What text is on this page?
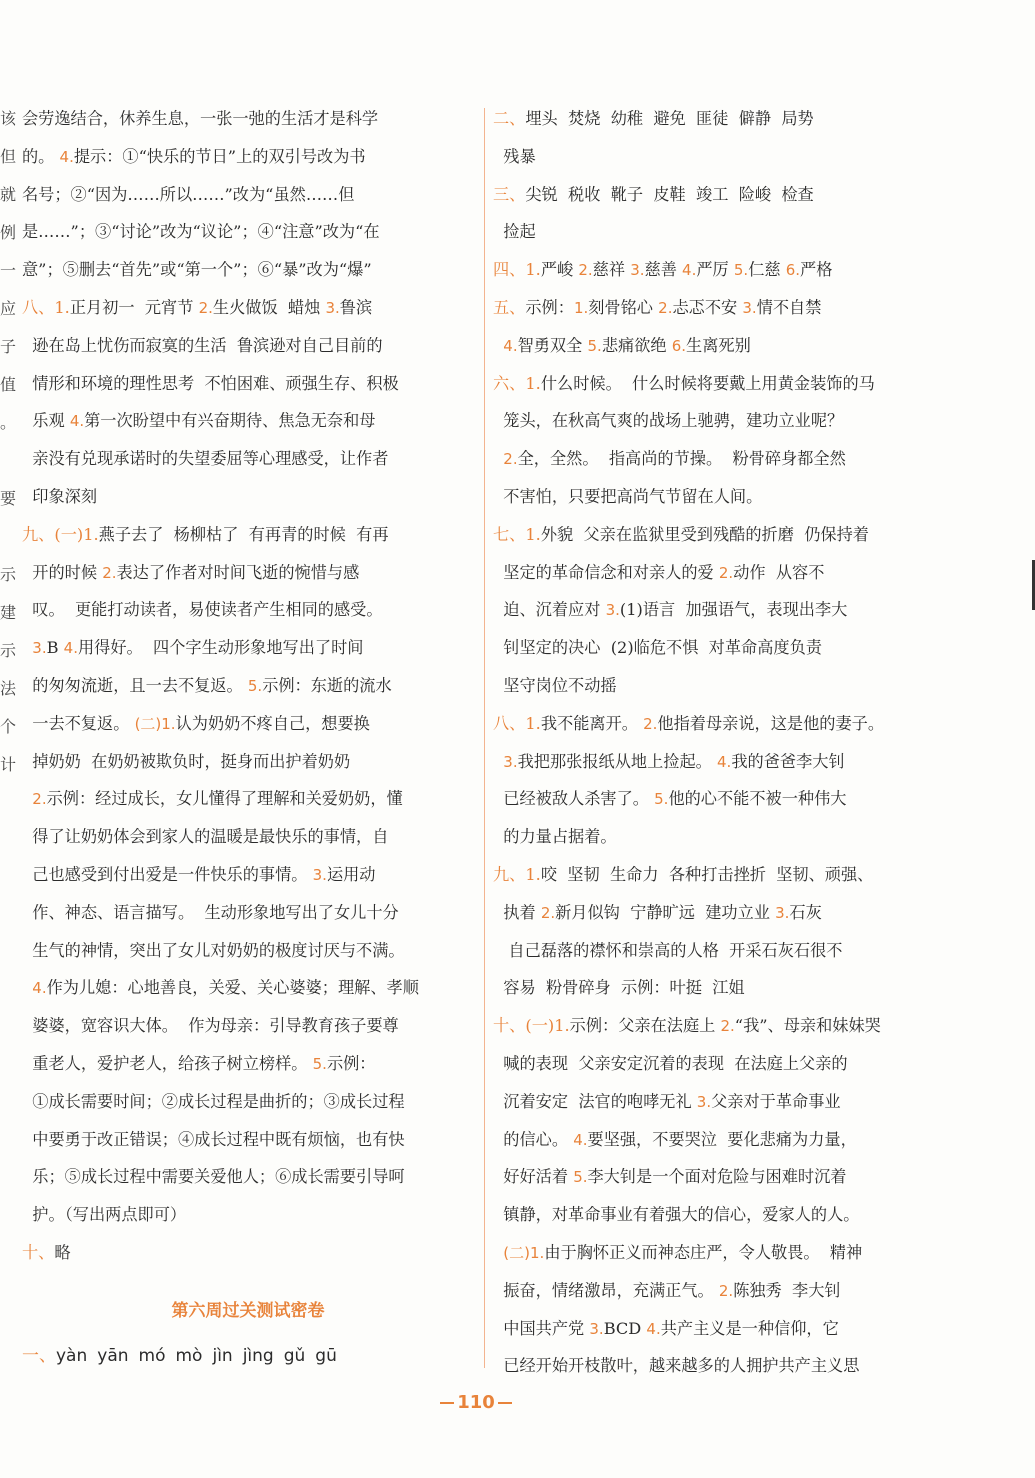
该
但
就
例
一
应
子
值
。
要
示
建
示
法
个
计
会劳逸结合，休养生息，一张一弛的生活才是科学
的。 4.提示：①“快乐的节日”上的双引号改为书
名号；②“因为……所以……”改为“虽然……但
是……”；③“讨论”改为“议论”；④“注意”改为“在
意”；⑤删去“首先”或“第一个”；⑥“暴”改为“爆”
八、1.正月初一  元宵节 2.生火做饭  蜡烛 3.鲁滨
逊在岛上忧伤而寂寞的生活  鲁滨逊对自己目前的
情形和环境的理性思考  不怕困难、顽强生存、积极
乐观 4.第一次盼望中有兴奋期待、焦急无奈和母
亲没有兑现承诺时的失望委屈等心理感受，让作者
印象深刻
九、(一)1.燕子去了  杨柳枯了  有再青的时候  有再
开的时候 2.表达了作者对时间飞逝的惋惜与感
叹。  更能打动读者，易使读者产生相同的感受。
3.B 4.用得好。  四个字生动形象地写出了时间
的匆匆流逝，且一去不复返。 5.示例：东逝的流水
一去不复返。 (二)1.认为奶奶不疼自己，想要换
掉奶奶  在奶奶被欺负时，挺身而出护着奶奶
2.示例：经过成长，女儿懂得了理解和关爱奶奶，懂
得了让奶奶体会到家人的温暖是最快乐的事情，自
己也感受到付出爱是一件快乐的事情。 3.运用动
作、神态、语言描写。  生动形象地写出了女儿十分
生气的神情，突出了女儿对奶奶的极度讨厌与不满。
4.作为儿媳：心地善良，关爱、关心婆婆；理解、孝顺
婆婆，宽容识大体。  作为母亲：引导教育孩子要尊
重老人，爱护老人，给孩子树立榜样。 5.示例：
①成长需要时间；②成长过程是曲折的；③成长过程
中要勇于改正错误；④成长过程中既有烦恼，也有快
乐；⑤成长过程中需要关爱他人；⑥成长需要引导呵
护。（写出两点即可）
十、略
二、埋头  焚烧  幼稚  避免  匪徒  僻静  局势
残暴
三、尖锐  税收  靴子  皮鞋  竣工  险峻  检查
捡起
四、1.严峻 2.慈祥 3.慈善 4.严厉 5.仁慈 6.严格
五、示例：1.刻骨铭心 2.忐忑不安 3.情不自禁
4.智勇双全 5.悲痛欲绝 6.生离死别
六、1.什么时候。  什么时候将要戴上用黄金装饰的马
笼头，在秋高气爽的战场上驰骋，建功立业呢？
2.全，全然。  指高尚的节操。  粉骨碎身都全然
不害怕，只要把高尚气节留在人间。
七、1.外貌  父亲在监狱里受到残酷的折磨  仍保持着
坚定的革命信念和对亲人的爱 2.动作  从容不
迫、沉着应对 3.(1)语言  加强语气，表现出李大
钊坚定的决心  (2)临危不惧  对革命高度负责
坚守岗位不动摇
八、1.我不能离开。 2.他指着母亲说，这是他的妻子。
3.我把那张报纸从地上捡起。 4.我的爸爸李大钊
已经被敌人杀害了。 5.他的心不能不被一种伟大
的力量占据着。
九、1.咬  坚韧  生命力  各种打击挫折  坚韧、顽强、
执着 2.新月似钩  宁静旷远  建功立业 3.石灰
自己磊落的襟怀和崇高的人格  开采石灰石很不
容易  粉骨碎身  示例：叶挺  江姐
十、(一)1.示例：父亲在法庭上 2.“我”、母亲和妹妹哭
喊的表现  父亲安定沉着的表现  在法庭上父亲的
沉着安定  法官的咆哮无礼 3.父亲对于革命事业
的信心。 4.要坚强，不要哭泣  要化悲痛为力量，
好好活着 5.李大钊是一个面对危险与困难时沉着
镇静，对革命事业有着强大的信心，爱家人的人。
(二)1.由于胸怀正义而神态庄严，令人敬畏。  精神
振奋，情绪激昂，充满正气。 2.陈独秀  李大钊
中国共产党 3.BCD 4.共产主义是一种信仰，它
已经开始开枝散叶，越来越多的人拥护共产主义思
第六周过关测试密卷
一、yàn yān mó mò jìn jìng gǔ gū
110
